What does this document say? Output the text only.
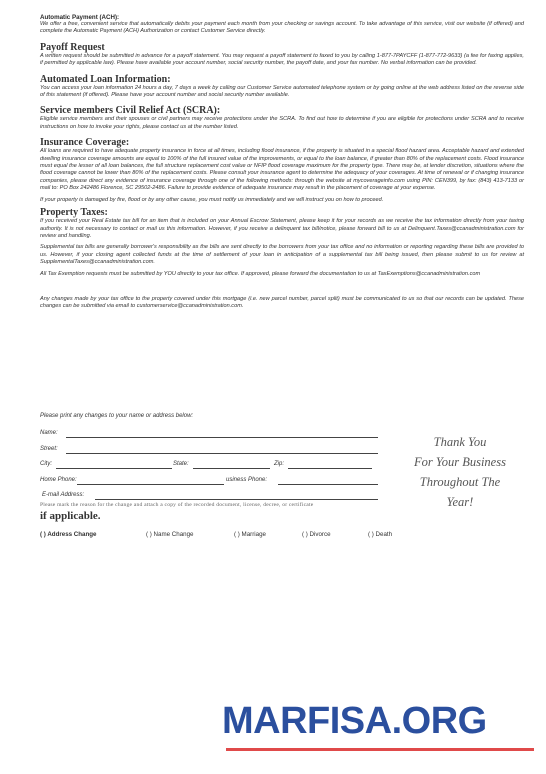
Automatic Payment (ACH):

We offer a free, convenient service that automatically debits your payment each month from your checking or savings account. To take advantage of this service, visit our website (if offered) and complete the Automatic Payment (ACH) Authorization or contact Customer Service directly.

Payoff Request

A written request should be submitted in advance for a payoff statement. You may request a payoff statement to faxed to you by calling 1-877-7PAYCFF (1-877-772-9633) (a fee for faxing applies, if permitted by applicable law). Please have available your account number, social security number, the payoff date, and your fax number. No verbal information can be provided.

Automated Loan Information:

You can access your loan information 24 hours a day, 7 days a week by calling our Customer Service automated telephone system or by going online at the web address listed on the reverse side of this statement (if offered). Please have your account number and social security number available.

Service members Civil Relief Act (SCRA):

Eligible service members and their spouses or civil partners may receive protections under the SCRA. To find out how to determine if you are eligible for protections under SCRA and to receive instructions on how to invoke your rights, please contact us at the number listed.

Insurance Coverage:

All loans are required to have adequate property insurance in force at all times, including flood insurance, if the property is situated in a special flood hazard area. Acceptable hazard and extended dwelling insurance coverage amounts are equal to 100% of the full insured value of the improvements, or equal to the loan balance, if greater than 80% of the replacement costs. Flood insurance must equal the lesser of all loan balances, the full structure replacement cost value or NFIP flood coverage maximum for the property type. There may be, at lender discretion, situations where the flood coverage cannot be lower than 80% of the replacement costs. Please consult your insurance agent to determine the adequacy of your coverages. At time of renewal or if changing insurance companies, please direct any evidence of insurance coverage through one of the following methods: through the website at mycoverageinfo.com using PIN: CEN399, by fax: (843) 413-7133 or mail to: PO Box 242486 Florence, SC 29502-2486. Failure to provide evidence of adequate insurance may result in the placement of coverage at your expense.

If your property is damaged by fire, flood or by any other cause, you must notify us immediately and we will instruct you on how to proceed.

Property Taxes:

If you received your Real Estate tax bill for an item that is included on your Annual Escrow Statement, please keep it for your records as we receive the tax information directly from your taxing authority. It is not necessary to contact or mail us this information. However, if you receive a delinquent tax bill/notice, please forward bill to us at Delinquent.Taxes@ccanadministration.com for review and handling.

Supplemental tax bills are generally borrower's responsibility as the bills are sent directly to the borrowers from your tax office and no information or reporting regarding these bills are provided to us. However, if your closing agent collected funds at the time of settlement of your loan in anticipation of a supplemental tax bill being issued, then please submit to us for review at SupplementalTaxes@ccanadministration.com.

All Tax Exemption requests must be submitted by YOU directly to your tax office. If approved, please forward the documentation to us at TaxExemptions@ccanadministration.com

Any changes made by your tax office to the property covered under this mortgage (i.e. new parcel number, parcel split) must be communicated to us so that our records can be updated. These changes can be submitted via email to customerservice@ccanadministration.com.

Please print any changes to your name or address below:
Name:
Street:
City:	State:	Zip:
Home Phone:	usiness Phone:
E-mail Address:
Please mark the reason for the change and attach a copy of the recorded document, license, decree, or certificate
if applicable.
( ) Address Change	( ) Name Change	( ) Marriage	( ) Divorce	( ) Death
Thank You
For Your Business
Throughout The
Year!
MARFISA.ORG
